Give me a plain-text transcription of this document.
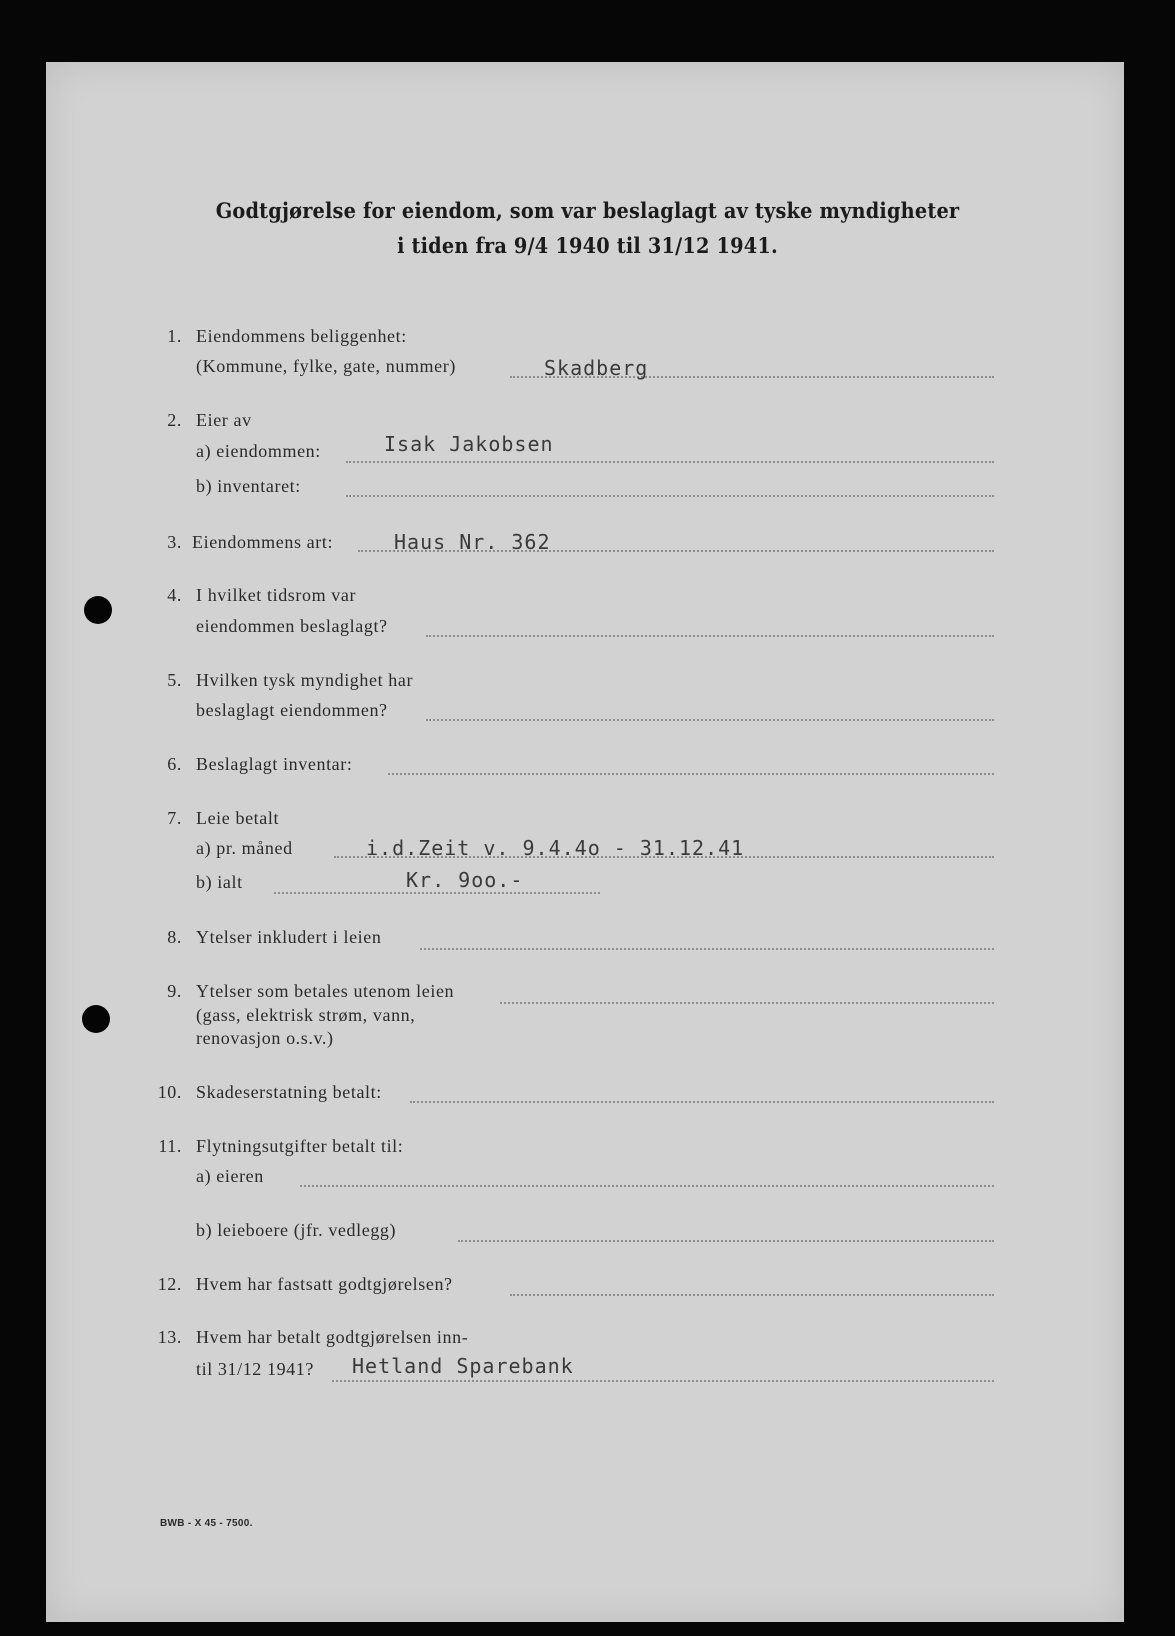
Godtgjørelse for eiendom, som var beslaglagt av tyske myndigheter
i tiden fra 9/4 1940 til 31/12 1941.
1. Eiendommens beliggenhet:
(Kommune, fylke, gate, nummer)	Skadberg
2. Eier av
a) eiendommen:	Isak Jakobsen
b) inventaret:
3. Eiendommens art:	Haus Nr. 362
4. I hvilket tidsrom var
eiendommen beslaglagt?
5. Hvilken tysk myndighet har
beslaglagt eiendommen?
6. Beslaglagt inventar:
7. Leie betalt
a) pr. måned	i.d.Zeit v. 9.4.4o - 31.12.41
b) ialt	Kr. 9oo.-
8. Ytelser inkludert i leien
9. Ytelser som betales utenom leien
(gass, elektrisk strøm, vann,
renovasjon o.s.v.)
10. Skadeserstatning betalt:
11. Flytningsutgifter betalt til:
a) eieren
b) leieboere (jfr. vedlegg)
12. Hvem har fastsatt godtgjørelsen?
13. Hvem har betalt godtgjørelsen inn-
til 31/12 1941? Hetland Sparebank
BWB - X 45 - 7500.
